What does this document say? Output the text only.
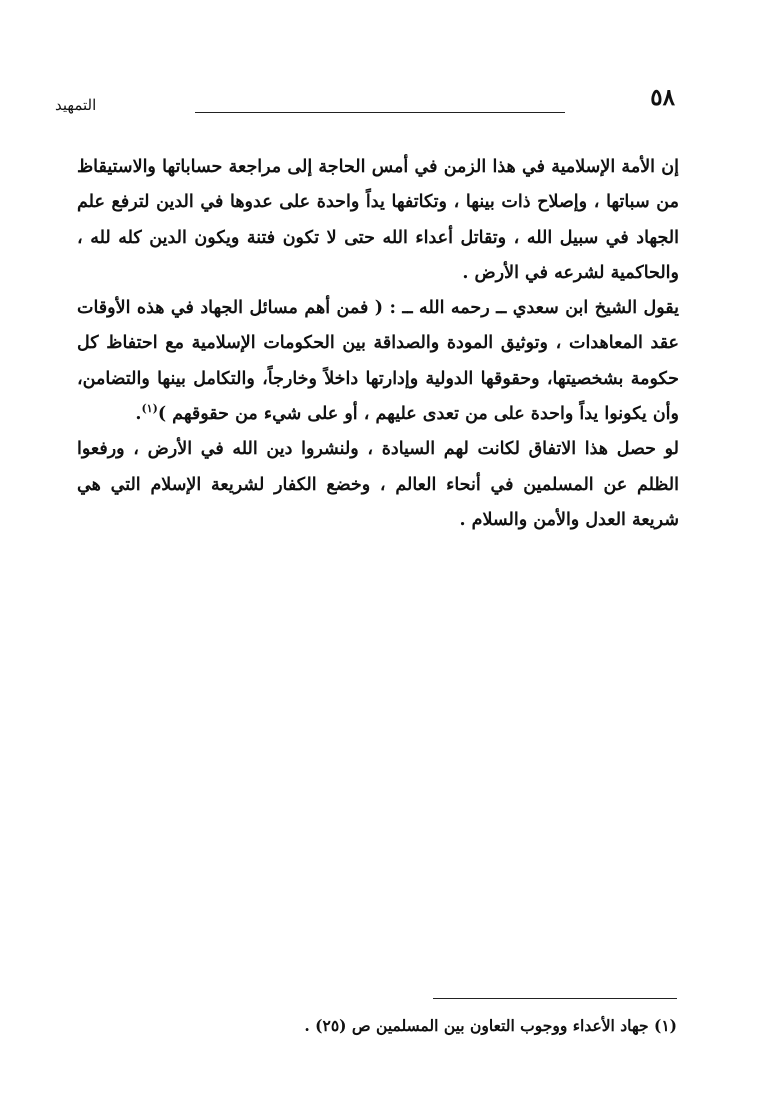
٥٨
التمهيد

إن الأمة الإسلامية في هذا الزمن في أمس الحاجة إلى مراجعة حساباتها والاستيقاظ من سباتها ، وإصلاح ذات بينها ، وتكاتفها يداً واحدة على عدوها في الدين لترفع علم الجهاد في سبيل الله ، وتقاتل أعداء الله حتى لا تكون فتنة ويكون الدين كله لله ، والحاكمية لشرعه في الأرض .

يقول الشيخ ابن سعدي ــ رحمه الله ــ : ( فمن أهم مسائل الجهاد في هذه الأوقات عقد المعاهدات ، وتوثيق المودة والصداقة بين الحكومات الإسلامية مع احتفاظ كل حكومة بشخصيتها، وحقوقها الدولية وإدارتها داخلاً وخارجاً، والتكامل بينها والتضامن، وأن يكونوا يداً واحدة على من تعدى عليهم ، أو على شيء من حقوقهم )$^{(١)}$.

لو حصل هذا الاتفاق لكانت لهم السيادة ، ولنشروا دين الله في الأرض ، ورفعوا الظلم عن المسلمين في أنحاء العالم ، وخضع الكفار لشريعة الإسلام التي هي شريعة العدل والأمن والسلام .

(١) جهاد الأعداء ووجوب التعاون بين المسلمين ص (٢٥) .
